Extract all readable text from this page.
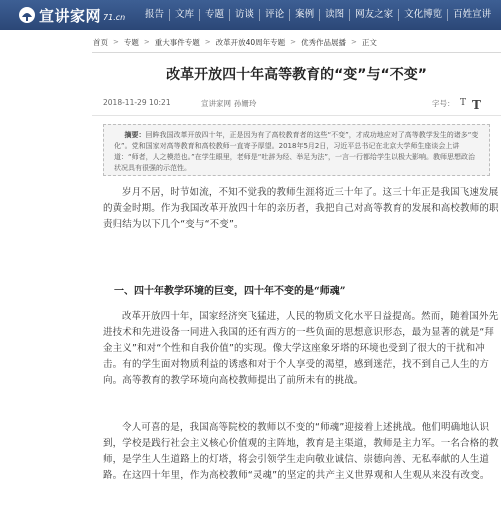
宣讲家网 71.cn	报告	文库	专题	访谈	评论	案例	读图	网友之家	文化博览	百姓宣讲
首页 > 专题 > 重大事件专题 > 改革开放40周年专题 > 优秀作品展播 > 正文
改革开放四十年高等教育的“变”与“不变”
2018-11-29 10:21	宣讲家网 孙姗玲	字号： T T
摘要：回眸我国改革开放四十年，正是因为有了高校教育者的这些“不变”，才成功地应对了高等教学发生的诸多“变化”。党和国家对高等教育和高校教师一直寄予厚望。2018年5月2日，习近平总书记在北京大学师生座谈会上讲道：“师者，人之模范也。”在学生眼里，老师是“吐辞为经、举足为法”，一言一行都给学生以极大影响。教师思想政治状况具有很强的示范性。

岁月不居，时节如流，不知不觉我的教师生涯将近三十年了。这三十年正是我国飞速发展的黄金时期。作为我国改革开放四十年的亲历者，我把自己对高等教育的发展和高校教师的职责归结为以下几个“变与“不变”。

一、四十年教学环境的巨变，四十年不变的是“师魂”

改革开放四十年，国家经济突飞猛进，人民的物质文化水平日益提高。然而，随着国外先进技术和先进设备一同进入我国的还有西方的一些负面的思想意识形态，最为显著的就是“拜金主义”和对“个性和自我价值”的实现。像大学这座象牙塔的环境也受到了很大的干扰和冲击。有的学生面对物质利益的诱惑和对于个人享受的渴望，感到迷茫，找不到自己人生的方向。高等教育的教学环境向高校教师提出了前所未有的挑战。

令人可喜的是，我国高等院校的教师以不变的“师魂”迎接着上述挑战。他们明确地认识到，学校是践行社会主义核心价值观的主阵地，教育是主渠道，教师是主力军。一名合格的教师，是学生人生道路上的灯塔，将会引领学生走向敬业诚信、崇德向善、无私奉献的人生道路。在这四十年里，作为高校教师“灵魂”的坚定的共产主义世界观和人生观从来没有改变。
